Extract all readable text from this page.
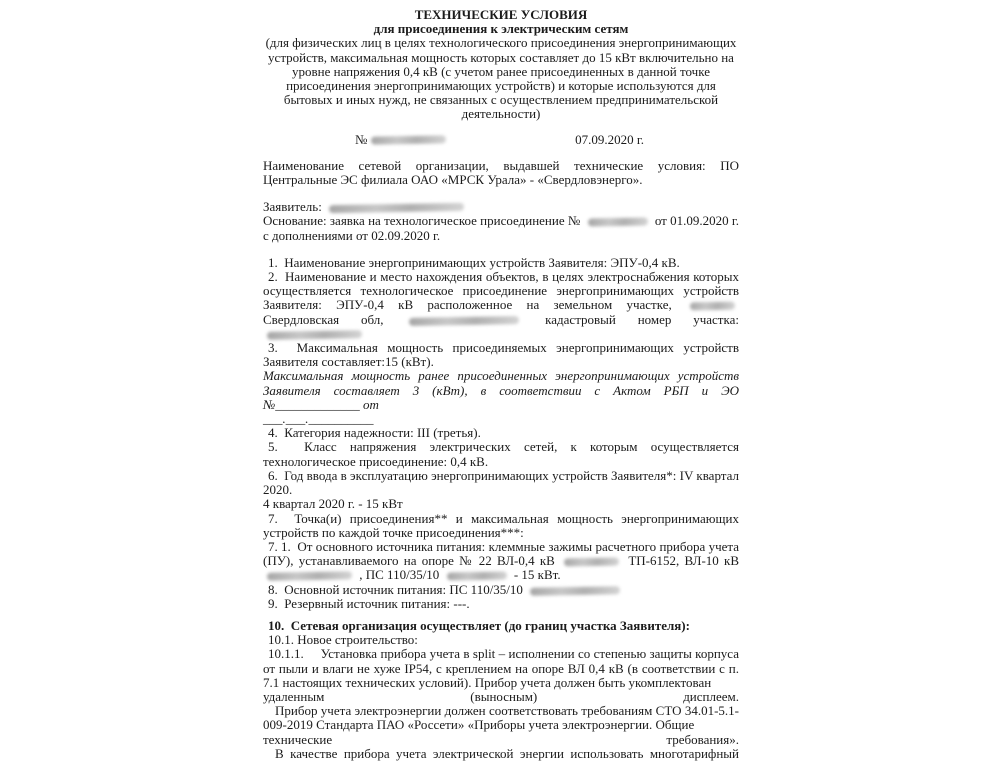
ТЕХНИЧЕСКИЕ УСЛОВИЯ

для присоединения к электрическим сетям

(для физических лиц в целях технологического присоединения энергопринимающих устройств, максимальная мощность которых составляет до 15 кВт включительно на уровне напряжения 0,4 кВ (с учетом ранее присоединенных в данной точке присоединения энергопринимающих устройств) и которые используются для бытовых и иных нужд, не связанных с осуществлением предпринимательской деятельности)

№	07.09.2020 г.

Наименование сетевой организации, выдавшей технические условия: ПО Центральные ЭС филиала ОАО «МРСК Урала» - «Свердловэнерго».

Заявитель:

Основание: заявка на технологическое присоединение №	от 01.09.2020 г. с дополнениями от 02.09.2020 г.

1.  Наименование энергопринимающих устройств Заявителя: ЭПУ-0,4 кВ.

2.  Наименование и место нахождения объектов, в целях электроснабжения которых осуществляется технологическое присоединение энергопринимающих устройств Заявителя: ЭПУ-0,4 кВ расположенное на земельном участке,  Свердловская обл,	кадастровый номер участка:

3.  Максимальная мощность присоединяемых энергопринимающих устройств Заявителя составляет:15 (кВт).

Максимальная мощность ранее присоединенных энергопринимающих устройств Заявителя составляет 3 (кВт), в соответствии с Актом РБП и ЭО №_____________ от

___.___.__________

4.  Категория надежности: III (третья).

5.  Класс напряжения электрических сетей, к которым осуществляется технологическое присоединение: 0,4 кВ.

6.  Год ввода в эксплуатацию энергопринимающих устройств Заявителя*: IV квартал 2020.

4 квартал 2020 г. - 15 кВт

7.  Точка(и) присоединения** и максимальная мощность энергопринимающих устройств по каждой точке присоединения***:

7. 1.  От основного источника питания: клеммные зажимы расчетного прибора учета (ПУ), устанавливаемого на опоре № 22 ВЛ-0,4 кВ	ТП-6152, ВЛ-10 кВ  , ПС 110/35/10	- 15 кВт.

8.  Основной источник питания: ПС 110/35/10

9.  Резервный источник питания: ---.

10.  Сетевая организация осуществляет (до границ участка Заявителя):

10.1. Новое строительство:

10.1.1.     Установка прибора учета в split – исполнении со степенью защиты корпуса от пыли и влаги не хуже IP54, с креплением на опоре ВЛ 0,4 кВ (в соответствии с п. 7.1 настоящих технических условий). Прибор учета должен быть укомплектован

удаленным	(выносным)	дисплеем.

Прибор учета электроэнергии должен соответствовать требованиям СТО 34.01-5.1-009-2019 Стандарта ПАО «Россети» «Приборы учета электроэнергии. Общие

технические	требования».

В качестве прибора учета электрической энергии использовать многотарифный
